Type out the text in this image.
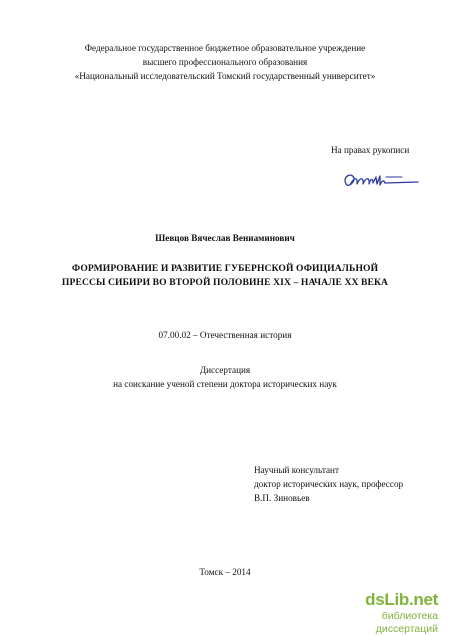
Федеральное государственное бюджетное образовательное учреждение
высшего профессионального образования
«Национальный исследовательский Томский государственный университет»
На правах рукописи
Шевцов Вячеслав Вениаминович
ФОРМИРОВАНИЕ И РАЗВИТИЕ ГУБЕРНСКОЙ ОФИЦИАЛЬНОЙ
ПРЕССЫ СИБИРИ ВО ВТОРОЙ ПОЛОВИНЕ XIX – НАЧАЛЕ XX ВЕКА
07.00.02 – Отечественная история
Диссертация
на соискание ученой степени доктора исторических наук
Научный консультант
доктор исторических наук, профессор
В.П. Зиновьев
Томск – 2014
dsLib.net
библиотека диссертаций
